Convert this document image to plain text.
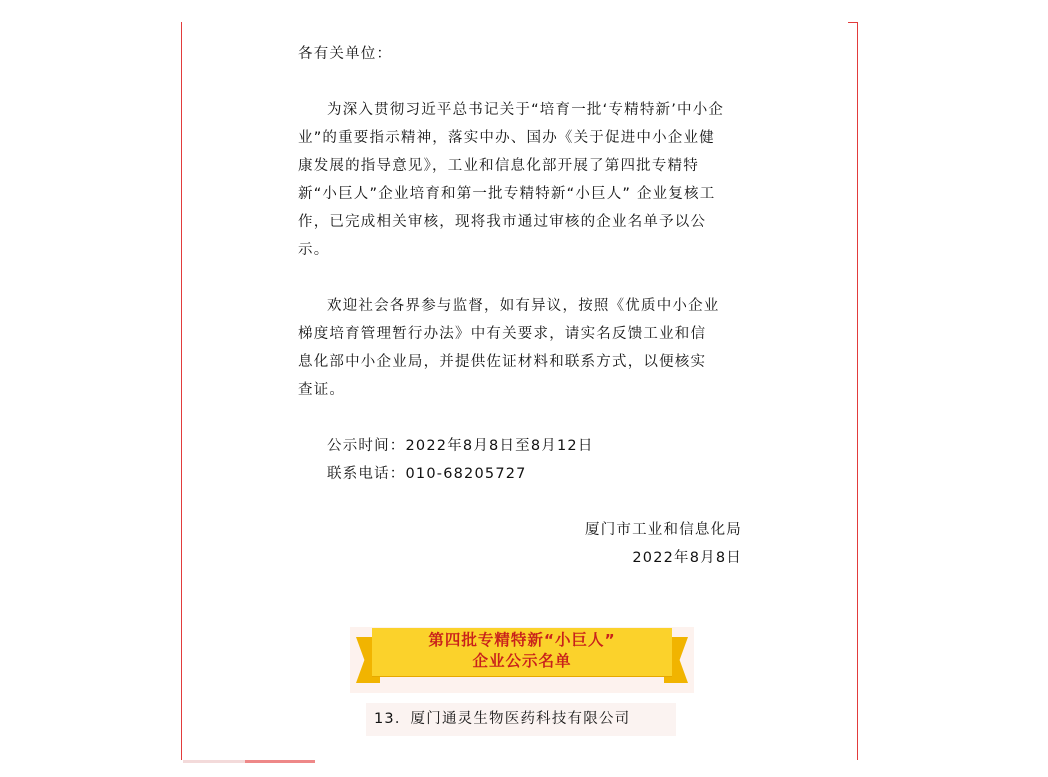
各有关单位：
为深入贯彻习近平总书记关于“培育一批‘专精特新’中小企
业”的重要指示精神，落实中办、国办《关于促进中小企业健
康发展的指导意见》，工业和信息化部开展了第四批专精特
新“小巨人”企业培育和第一批专精特新“小巨人” 企业复核工
作，已完成相关审核，现将我市通过审核的企业名单予以公
示。
欢迎社会各界参与监督，如有异议，按照《优质中小企业
梯度培育管理暂行办法》中有关要求，请实名反馈工业和信
息化部中小企业局，并提供佐证材料和联系方式，以便核实
查证。
公示时间：2022年8月8日至8月12日
联系电话：010-68205727
厦门市工业和信息化局
2022年8月8日
第四批专精特新“小巨人”
企业公示名单
13．厦门通灵生物医药科技有限公司
